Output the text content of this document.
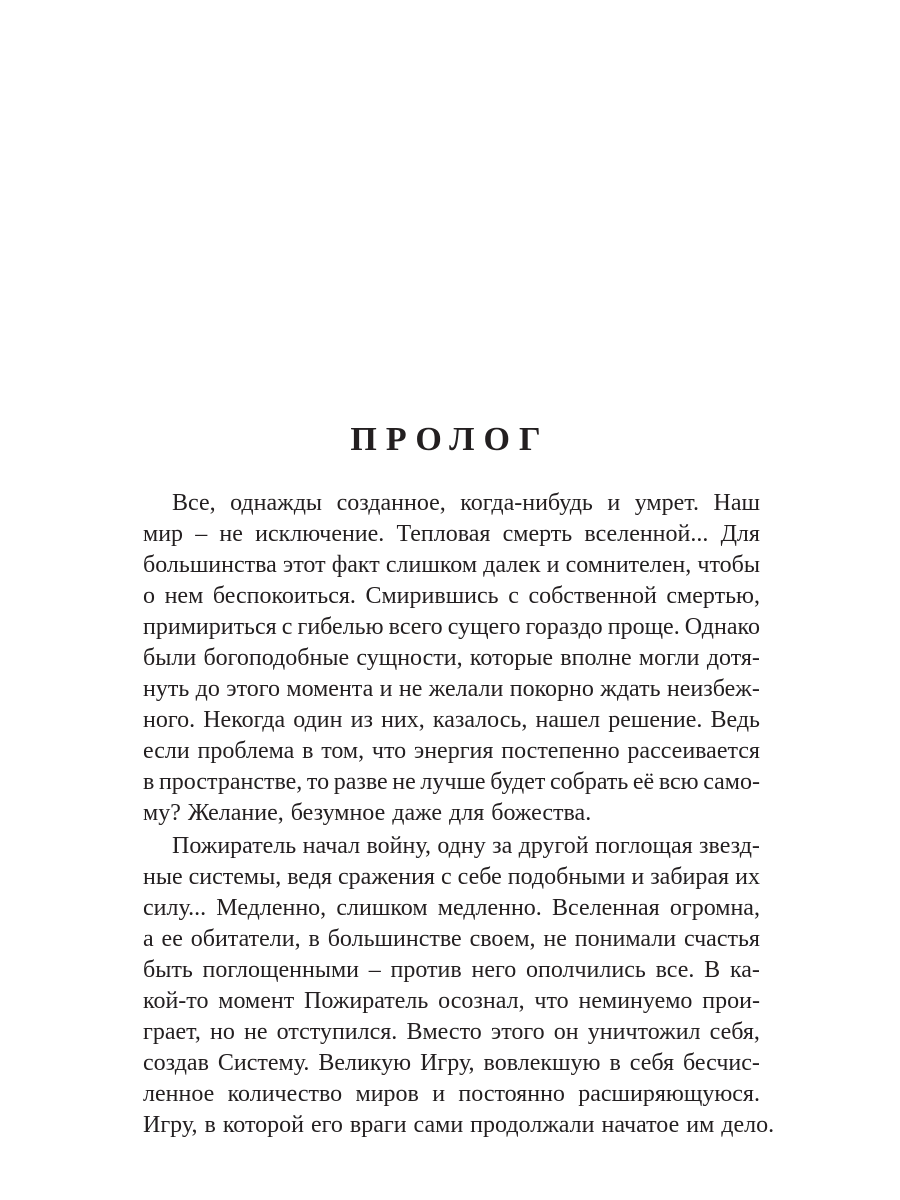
ПРОЛОГ
Все, однажды созданное, когда-нибудь и умрет. Наш
мир – не исключение. Тепловая смерть вселенной... Для
большинства этот факт слишком далек и сомнителен, чтобы
о нем беспокоиться. Смирившись с собственной смертью,
примириться с гибелью всего сущего гораздо проще. Однако
были богоподобные сущности, которые вполне могли дотя-
нуть до этого момента и не желали покорно ждать неизбеж-
ного. Некогда один из них, казалось, нашел решение. Ведь
если проблема в том, что энергия постепенно рассеивается
в пространстве, то разве не лучше будет собрать её всю само-
му? Желание, безумное даже для божества.
Пожиратель начал войну, одну за другой поглощая звезд-
ные системы, ведя сражения с себе подобными и забирая их
силу... Медленно, слишком медленно. Вселенная огромна,
а ее обитатели, в большинстве своем, не понимали счастья
быть поглощенными – против него ополчились все. В ка-
кой-то момент Пожиратель осознал, что неминуемо прои-
грает, но не отступился. Вместо этого он уничтожил себя,
создав Систему. Великую Игру, вовлекшую в себя бесчис-
ленное количество миров и постоянно расширяющуюся.
Игру, в которой его враги сами продолжали начатое им дело.
